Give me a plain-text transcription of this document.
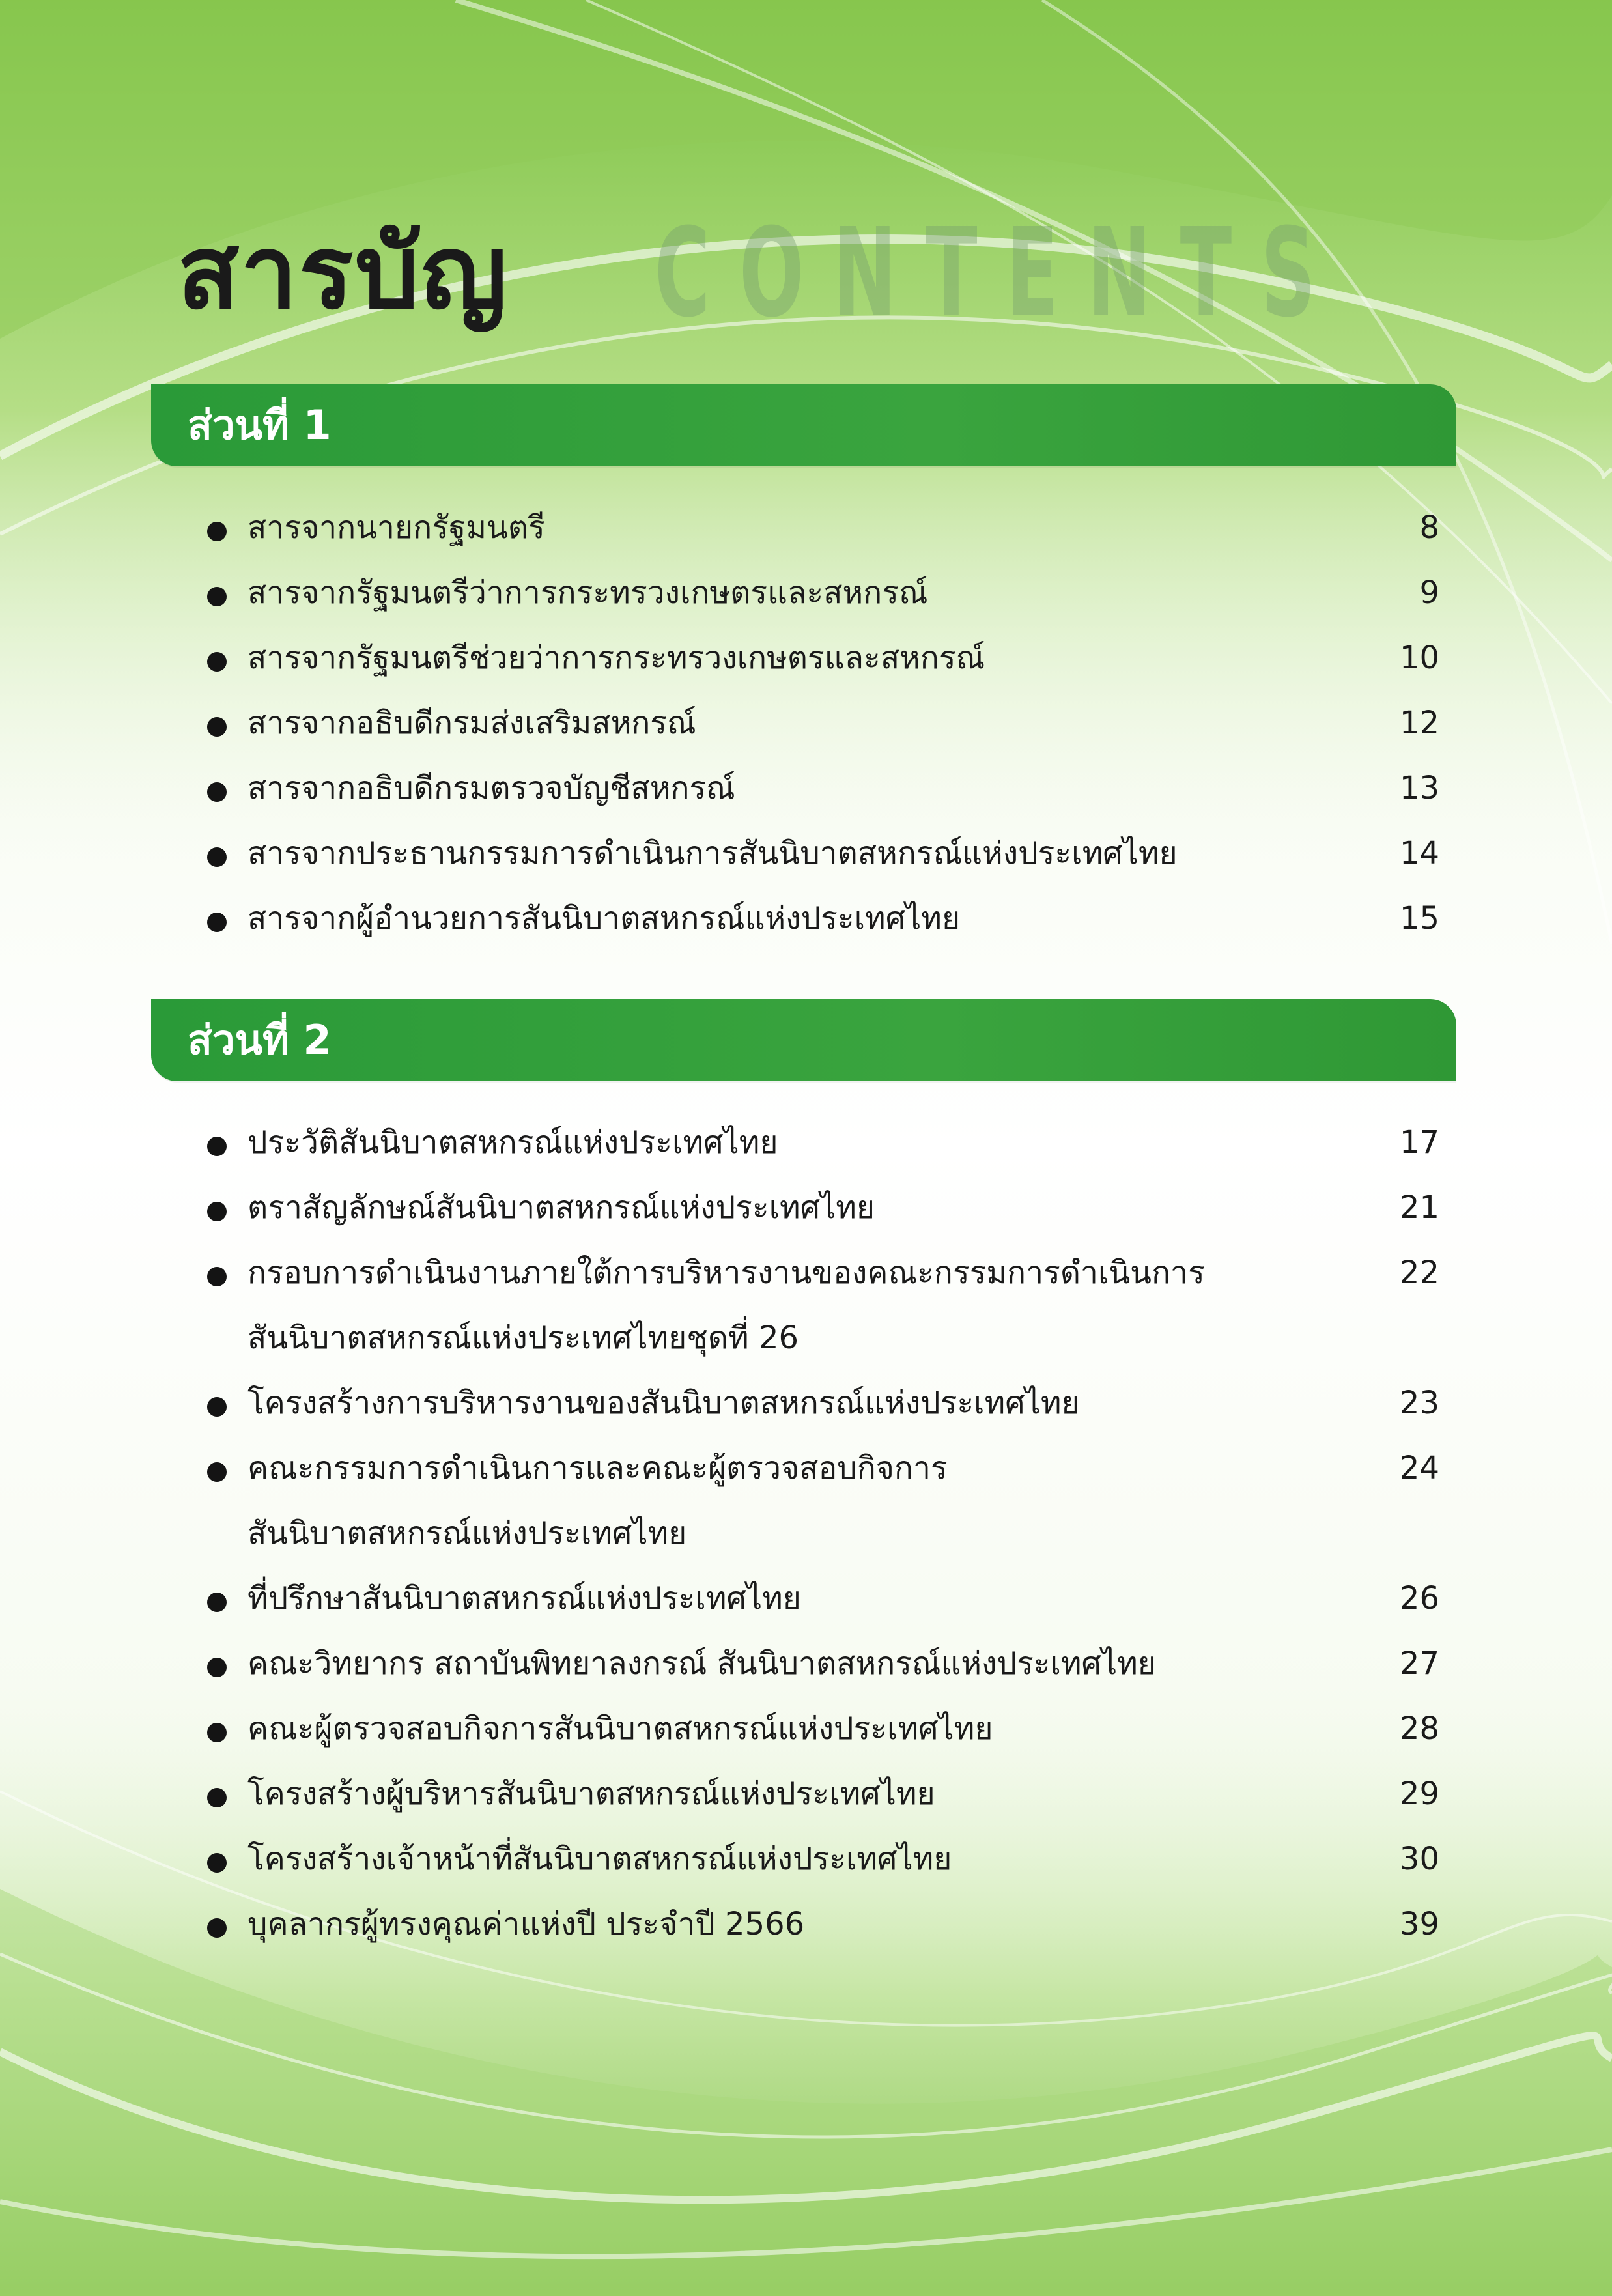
สารบัญ CONTENTS
ส่วนที่ 1
สารจากนายกรัฐมนตรี	8
สารจากรัฐมนตรีว่าการกระทรวงเกษตรและสหกรณ์	9
สารจากรัฐมนตรีช่วยว่าการกระทรวงเกษตรและสหกรณ์	10
สารจากอธิบดีกรมส่งเสริมสหกรณ์	12
สารจากอธิบดีกรมตรวจบัญชีสหกรณ์	13
สารจากประธานกรรมการดำเนินการสันนิบาตสหกรณ์แห่งประเทศไทย	14
สารจากผู้อำนวยการสันนิบาตสหกรณ์แห่งประเทศไทย	15
ส่วนที่ 2
ประวัติสันนิบาตสหกรณ์แห่งประเทศไทย	17
ตราสัญลักษณ์สันนิบาตสหกรณ์แห่งประเทศไทย	21
กรอบการดำเนินงานภายใต้การบริหารงานของคณะกรรมการดำเนินการ	22
สันนิบาตสหกรณ์แห่งประเทศไทยชุดที่ 26
โครงสร้างการบริหารงานของสันนิบาตสหกรณ์แห่งประเทศไทย	23
คณะกรรมการดำเนินการและคณะผู้ตรวจสอบกิจการ	24
สันนิบาตสหกรณ์แห่งประเทศไทย
ที่ปรึกษาสันนิบาตสหกรณ์แห่งประเทศไทย	26
คณะวิทยากร สถาบันพิทยาลงกรณ์ สันนิบาตสหกรณ์แห่งประเทศไทย	27
คณะผู้ตรวจสอบกิจการสันนิบาตสหกรณ์แห่งประเทศไทย	28
โครงสร้างผู้บริหารสันนิบาตสหกรณ์แห่งประเทศไทย	29
โครงสร้างเจ้าหน้าที่สันนิบาตสหกรณ์แห่งประเทศไทย	30
บุคลากรผู้ทรงคุณค่าแห่งปี ประจำปี 2566	39
